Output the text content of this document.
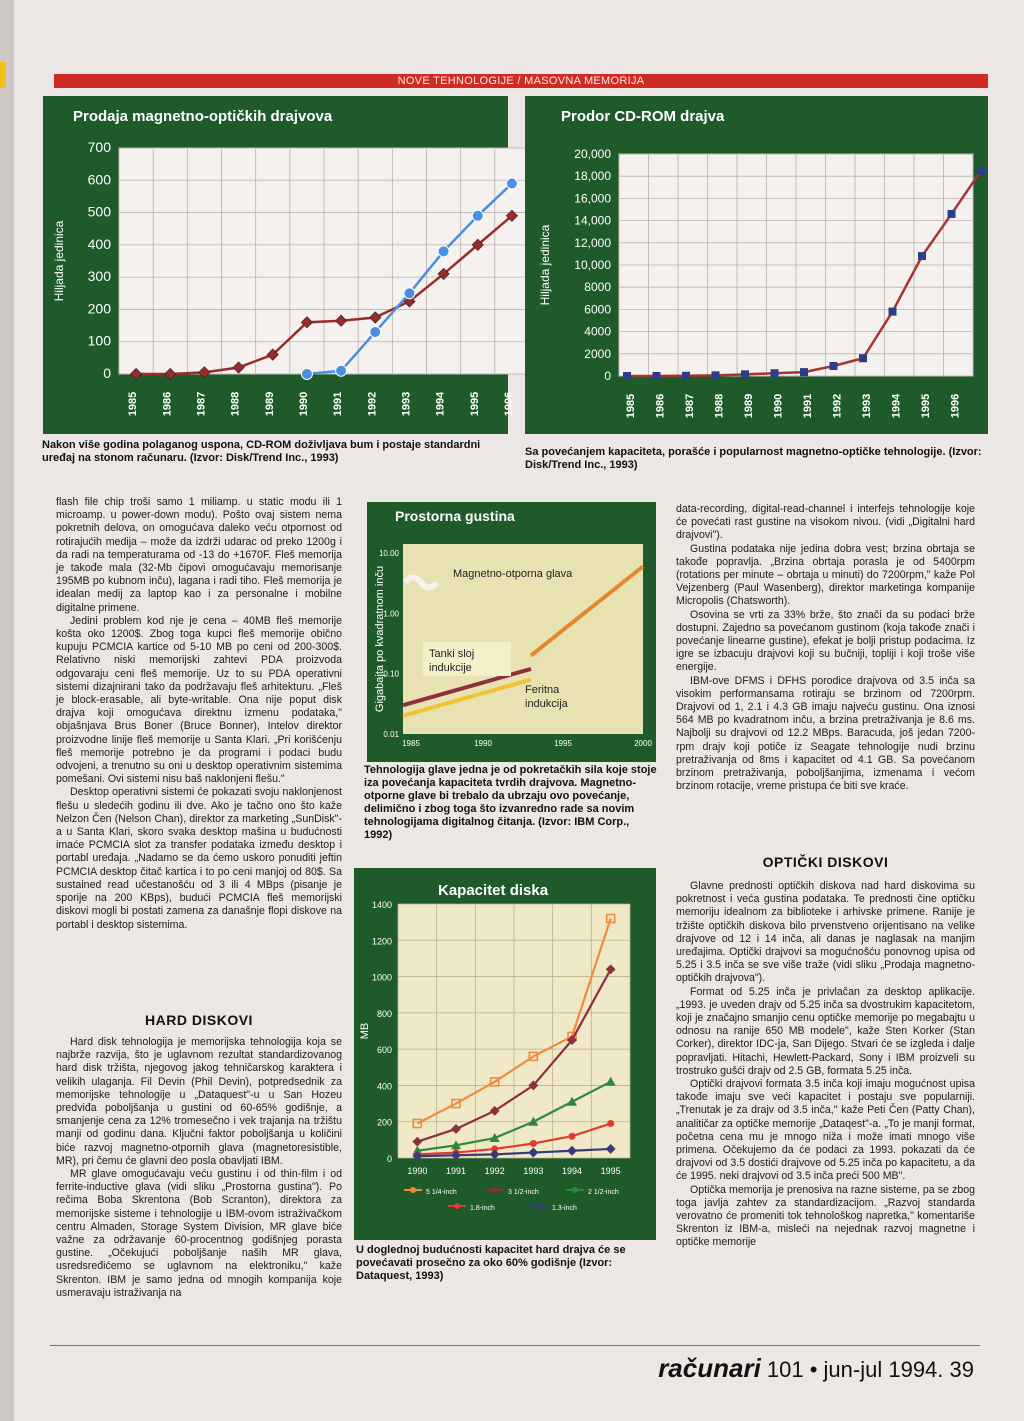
NOVE TEHNOLOGIJE / MASOVNA MEMORIJA
Prodaja magnetno-optičkih drajvova
700
600
500
400
300
200
100
0
1985 1986 1987 1988 1989 1990 1991 1992 1993 1994 1995 1996
Hiljada jedinica
Prodor CD-ROM drajva
20,000
18,000
16,000
14,000
12,000
10,000
8000
6000
4000
2000
0
1985 1986 1987 1988 1989 1990 1991 1992 1993 1994 1995 1996
Hiljada jedinica
Nakon više godina polaganog uspona, CD-ROM doživljava bum i postaje standardni uređaj na stonom računaru. (Izvor: Disk/Trend Inc., 1993)	Sa povećanjem kapaciteta, porašće i popularnost magnetno-optičke tehnologije. (Izvor: Disk/Trend Inc., 1993)

flash file chip troši samo 1 miliamp. u static modu ili 1 microamp. u power-down modu). Pošto ovaj sistem nema pokretnih delova, on omogućava daleko veću otpornost od rotirajućih medija – može da izdrži udarac od preko 1200g i da radi na temperaturama od -13 do +1670F. Fleš memorija je takođe mala (32-Mb čipovi omogućavaju memorisanje 195MB po kubnom inču), lagana i radi tiho. Fleš memorija je idealan medij za laptop kao i za personalne i mobilne digitalne primene.

Jedini problem kod nje je cena – 40MB fleš memorije košta oko 1200$. Zbog toga kupci fleš memorije obično kupuju PCMCIA kartice od 5-10 MB po ceni od 200-300$. Relativno niski memorijski zahtevi PDA proizvoda odgovaraju ceni fleš memorije. Uz to su PDA operativni sistemi dizajnirani tako da podržavaju fleš arhitekturu. „Fleš je block-erasable, ali byte-writable. Ona nije poput disk drajva koji omogućava direktnu izmenu podataka," objašnjava Brus Boner (Bruce Bonner), Intelov direktor proizvodne linije fleš memorije u Santa Klari. „Pri korišćenju fleš memorije potrebno je da programi i podaci budu odvojeni, a trenutno su oni u desktop operativnim sistemima pomešani. Ovi sistemi nisu baš naklonjeni flešu."

Desktop operativni sistemi će pokazati svoju naklonjenost flešu u sledećih godinu ili dve. Ako je tačno ono što kaže Nelzon Čen (Nelson Chan), direktor za marketing „SunDisk"-a u Santa Klari, skoro svaka desktop mašina u budućnosti imaće PCMCIA slot za transfer podataka između desktop i portabl uređaja. „Nadamo se da ćemo uskoro ponuditi jeftin PCMCIA desktop čitač kartica i to po ceni manjoj od 80$. Sa sustained read učestanošću od 3 ili 4 MBps (pisanje je sporije na 200 KBps), budući PCMCIA fleš memorijski diskovi mogli bi postati zamena za današnje flopi diskove na portabl i desktop sistemima.

HARD DISKOVI

Hard disk tehnologija je memorijska tehnologija koja se najbrže razvija, što je uglavnom rezultat standardizovanog hard disk tržišta, njegovog jakog tehničarskog karaktera i velikih ulaganja. Fil Devin (Phil Devin), potpredsednik za memorijske tehnologije u „Dataquest"-u u San Hozeu predviđa poboljšanja u gustini od 60-65% godišnje, a smanjenje cena za 12% tromesečno i vek trajanja na tržištu manji od godinu dana. Ključni faktor poboljšanja u količini biće razvoj magnetno-otpornih glava (magnetoresistible, MR), pri čemu će glavni deo posla obavljati IBM.

MR glave omogućavaju veću gustinu i od thin-film i od ferrite-inductive glava (vidi sliku „Prostorna gustina"). Po rečima Boba Skrentona (Bob Scranton), direktora za memorijske sisteme i tehnologije u IBM-ovom istraživačkom centru Almaden, Storage System Division, MR glave biće važne za održavanje 60-procentnog godišnjeg porasta gustine. „Očekujući poboljšanje naših MR glava, usredsređićemo se uglavnom na elektroniku," kaže Skrenton. IBM je samo jedna od mnogih kompanija koje usmeravaju istraživanja na

Prostorna gustina
10.00
1.00
0.10
0.01
1985	1990	1995	2000
Gigabajta po kvadratnom inču	Magnetno-otporna glava
Tanki sloj
indukcije
Feritna
indukcija
Tehnologija glave jedna je od pokretačkih sila koje stoje iza povećanja kapaciteta tvrdih drajvova. Magnetno-otporne glave bi trebalo da ubrzaju ovo povećanje, delimično i zbog toga što izvanredno rade sa novim tehnologijama digitalnog čitanja. (Izvor: IBM Corp., 1992)
Kapacitet diska
1400
1200
1000
800
600
400
200
0
1990 1991 1992 1993 1994 1995
MB
5 1/4-inch	3 1/2-inch	2 1/2-inch
1.8-inch	1.3-inch
U doglednoj budućnosti kapacitet hard drajva će se povećavati prosečno za oko 60% godišnje (Izvor: Dataquest, 1993)

data-recording, digital-read-channel i interfejs tehnologije koje će povećati rast gustine na visokom nivou. (vidi „Digitalni hard drajvovi").

Gustina podataka nije jedina dobra vest; brzina obrtaja se takođe popravlja. „Brzina obrtaja porasla je od 5400rpm (rotations per minute – obrtaja u minuti) do 7200rpm," kaže Pol Vejzenberg (Paul Wasenberg), direktor marketinga kompanije Micropolis (Chatsworth).

Osovina se vrti za 33% brže, što znači da su podaci brže dostupni. Zajedno sa povećanom gustinom (koja takođe znači i povećanje linearne gustine), efekat je bolji pristup podacima. Iz igre se izbacuju drajvovi koji su bučniji, topliji i koji troše više energije.

IBM-ove DFMS i DFHS porodice drajvova od 3.5 inča sa visokim performansama rotiraju se brzinom od 7200rpm. Drajvovi od 1, 2.1 i 4.3 GB imaju najveću gustinu. Ona iznosi 564 MB po kvadratnom inču, a brzina pretraživanja je 8.6 ms. Najbolji su drajvovi od 12.2 MBps. Baracuda, još jedan 7200-rpm drajv koji potiče iz Seagate tehnologije nudi brzinu pretraživanja od 8ms i kapacitet od 4.1 GB. Sa povećanom brzinom pretraživanja, poboljšanjima, izmenama i većom brzinom rotacije, vreme pristupa će biti sve kraće.

OPTIČKI DISKOVI

Glavne prednosti optičkih diskova nad hard diskovima su pokretnost i veća gustina podataka. Te prednosti čine optičku memoriju idealnom za biblioteke i arhivske primene. Ranije je tržište optičkih diskova bilo prvenstveno orijentisano na velike drajvove od 12 i 14 inča, ali danas je naglasak na manjim uređajima. Optički drajvovi sa mogućnošću ponovnog upisa od 5.25 i 3.5 inča se sve više traže (vidi sliku „Prodaja magnetno-optičkih drajvova").

Format od 5.25 inča je privlačan za desktop aplikacije. „1993. je uveden drajv od 5.25 inča sa dvostrukim kapacitetom, koji je značajno smanjio cenu optičke memorije po megabajtu u odnosu na ranije 650 MB modele", kaže Sten Korker (Stan Corker), direktor IDC-ja, San Dijego. Stvari će se izgleda i dalje popravljati. Hitachi, Hewlett-Packard, Sony i IBM proizveli su trostruko gušći drajv od 2.5 GB, formata 5.25 inča.

Optički drajvovi formata 3.5 inča koji imaju mogućnost upisa takođe imaju sve veći kapacitet i postaju sve popularniji. „Trenutak je za drajv od 3.5 inča," kaže Peti Čen (Patty Chan), analitičar za optičke memorije „Dataqest"-a. „To je manji format, početna cena mu je mnogo niža i može imati mnogo više primena. Očekujemo da će podaci za 1993. pokazati da će drajvovi od 3.5 dostići drajvove od 5.25 inča po kapacitetu, a da će 1995. neki drajvovi od 3.5 inča preći 500 MB".

Optička memorija je prenosiva na razne sisteme, pa se zbog toga javlja zahtev za standardizacijom. „Razvoj standarda verovatno će promeniti tok tehnološkog napretka," komentariše Skrenton iz IBM-a, misleći na nejednak razvoj magnetne i optičke memorije

računari 101 • jun-jul 1994. 39
